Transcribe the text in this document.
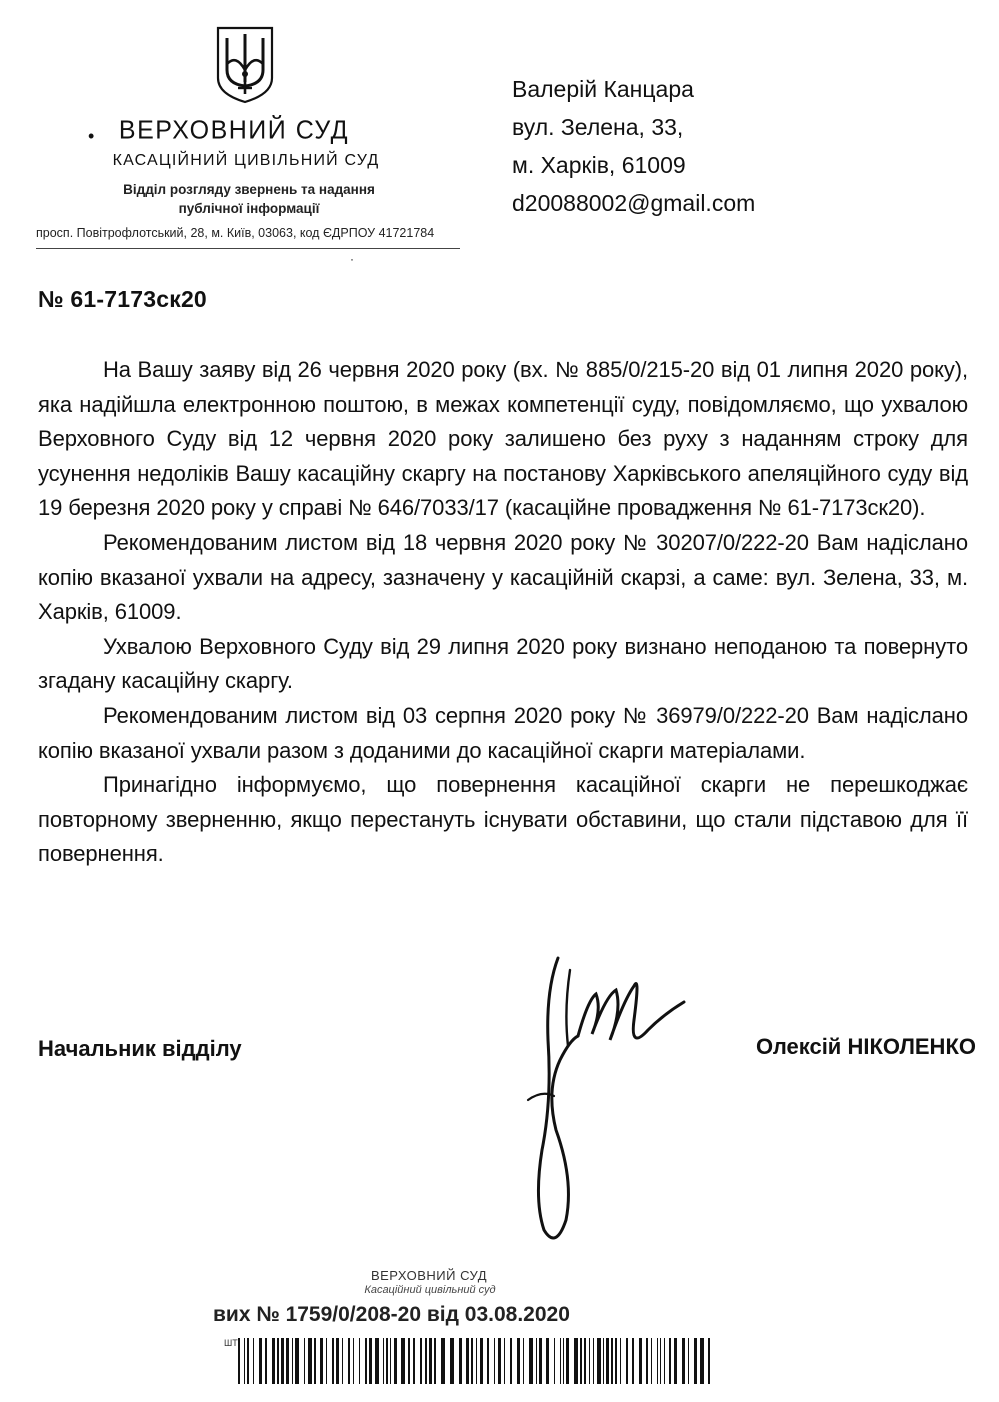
• ВЕРХОВНИЙ СУД
КАСАЦІЙНИЙ ЦИВІЛЬНИЙ СУД
Відділ розгляду звернень та надання
публічної інформації
просп. Повітрофлотський, 28, м. Київ, 03063, код ЄДРПОУ 41721784
·
Валерій Канцара
вул. Зелена, 33,
м. Харків, 61009
d20088002@gmail.com
№ 61-7173ск20

На Вашу заяву від 26 червня 2020 року (вх. № 885/0/215-20 від 01 липня 2020 року), яка надійшла електронною поштою, в межах компетенції суду, повідомляємо, що ухвалою Верховного Суду від 12 червня 2020 року залишено без руху з наданням строку для усунення недоліків Вашу касаційну скаргу на постанову Харківського апеляційного суду від 19 березня 2020 року у справі № 646/7033/17 (касаційне провадження № 61-7173ск20).

Рекомендованим листом від 18 червня 2020 року № 30207/0/222-20 Вам надіслано копію вказаної ухвали на адресу, зазначену у касаційній скарзі, а саме: вул. Зелена, 33, м. Харків, 61009.

Ухвалою Верховного Суду від 29 липня 2020 року визнано неподаною та повернуто згадану касаційну скаргу.

Рекомендованим листом від 03 серпня 2020 року № 36979/0/222-20 Вам надіслано копію вказаної ухвали разом з доданими до касаційної скарги матеріалами.

Принагідно інформуємо, що повернення касаційної скарги не перешкоджає повторному зверненню, якщо перестануть існувати обставини, що стали підставою для її повернення.

Начальник відділу	Олексій НІКОЛЕНКО
ВЕРХОВНИЙ СУД
Касаційний цивільний суд
вих № 1759/0/208-20 від 03.08.2020
ШТ
